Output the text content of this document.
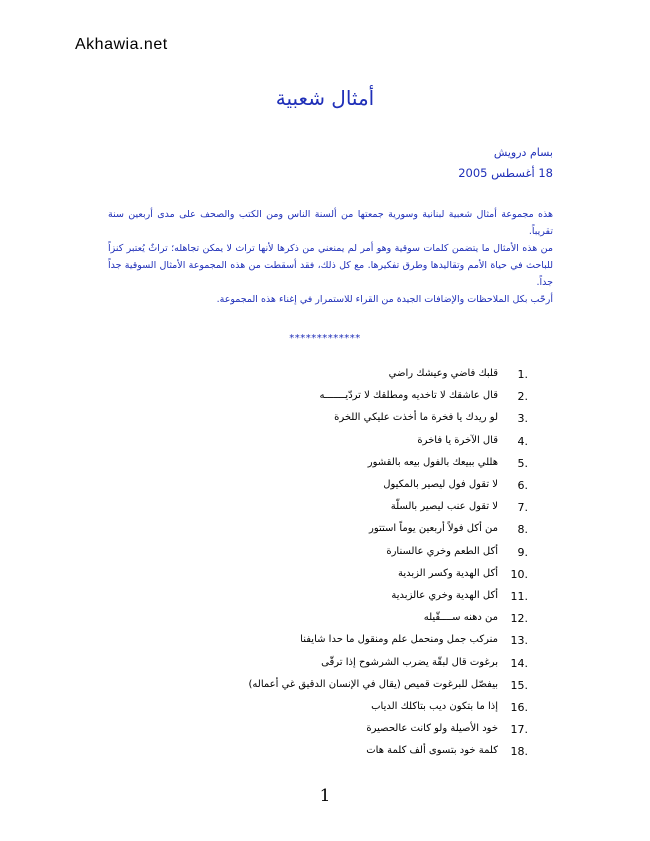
Akhawia.net
أمثال شعبية
بسام درويش
18 أغسطس 2005

هذه مجموعة أمثال شعبية لبنانية وسورية جمعتها من ألسنة الناس ومن الكتب والصحف على مدى أربعين سنة تقريباً.

من هذه الأمثال ما يتضمن كلمات سوقية وهو أمر لم يمنعني من ذكرها لأنها تراث لا يمكن تجاهله؛ تراثٌ يُعتبر كنزاً للباحث في حياة الأمم وتقاليدها وطرق تفكيرها. مع كل ذلك، فقد أسقطت من هذه المجموعة الأمثال السوقية جداً جداً.

أرحّب بكل الملاحظات والإضافات الجيدة من القراء للاستمرار في إغناء هذه المجموعة.

*************
1.
قلبك فاضي وعيشك راضي
2.
قال عاشقك لا تاخديه ومطلقك لا تردّيـــــــه
3.
لو ريدك يا فخرة ما أخذت عليكي اللخرة
4.
قال الآخرة يا فاخرة
5.
هللي ببيعك بالفول بيعه بالقشور
6.
لا تقول فول ليصير بالمكيول
7.
لا تقول عنب ليصير بالسلّة
8.
من أكل فولاً أربعين يوماً استتور
9.
أكل الطعم وخري عالسنارة
10.
أكل الهدية وكسر الزبدية
11.
أكل الهدية وخري عالزبدية
12.
من دهنه ســــقّيله
13.
منركب جمل ومنحمل علم ومنقول ما حدا شايفنا
14.
برغوت قال لبقّة يضرب الشرشوح إذا ترقّى
15.
بيفصّل للبرغوت قميص (يقال في الإنسان الدقيق غي أعماله)
16.
إذا ما بتكون ديب بتاكلك الدياب
17.
خود الأصيلة ولو كانت عالحصيرة
18.
كلمة خود بتسوى ألف كلمة هات
1
